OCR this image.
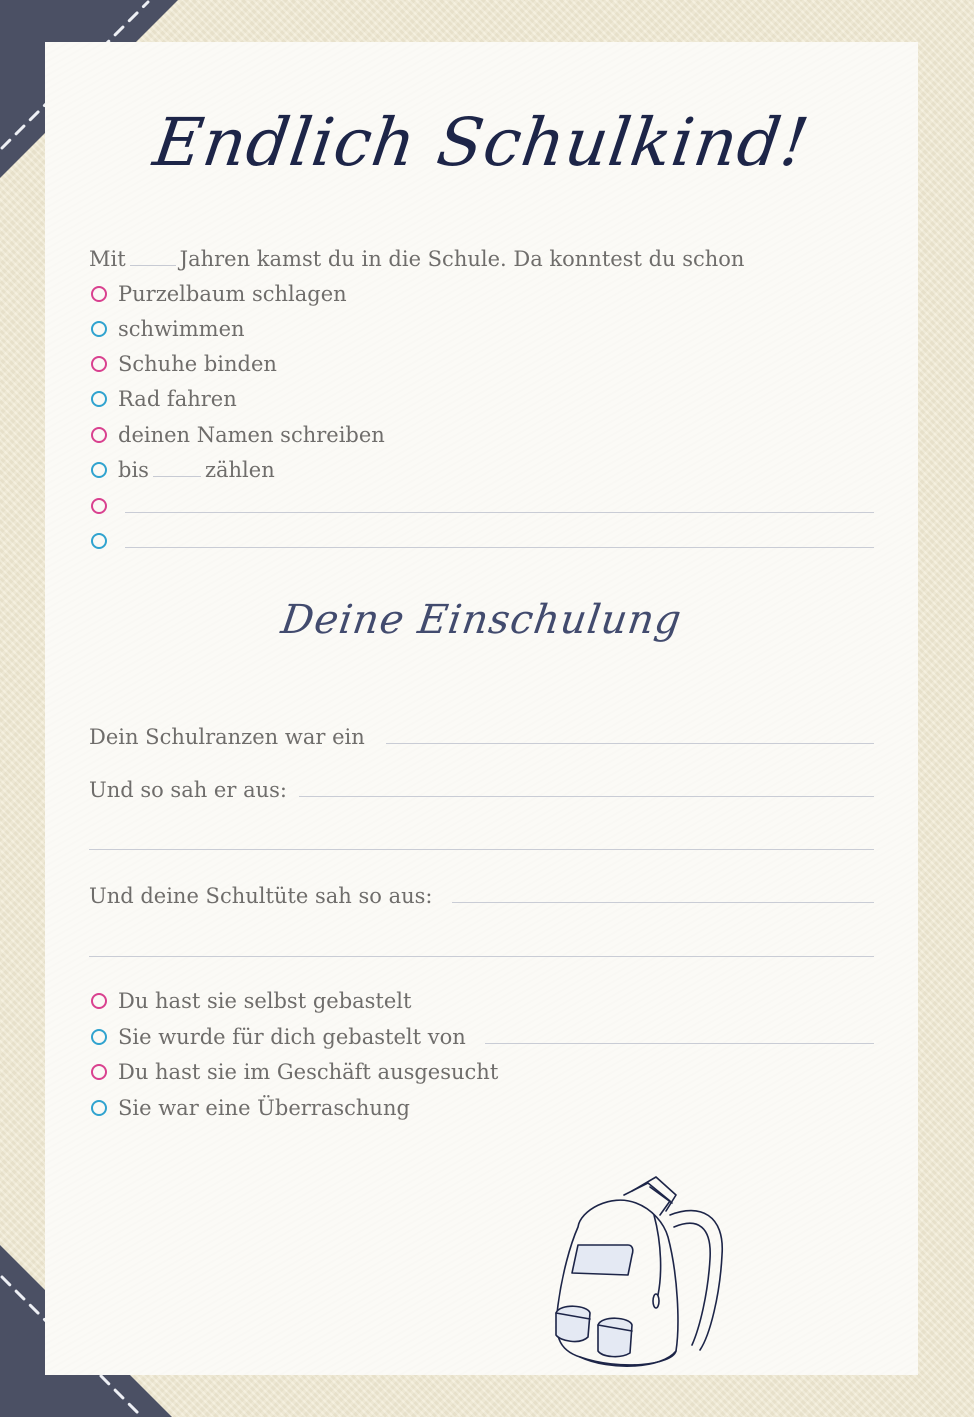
Endlich Schulkind!
Mit	Jahren kamst du in die Schule. Da konntest du schon
Purzelbaum schlagen
schwimmen
Schuhe binden
Rad fahren
deinen Namen schreiben
bis	zählen
Deine Einschulung
Dein Schulranzen war ein
Und so sah er aus:
Und deine Schultüte sah so aus:
Du hast sie selbst gebastelt
Sie wurde für dich gebastelt von
Du hast sie im Geschäft ausgesucht
Sie war eine Überraschung
